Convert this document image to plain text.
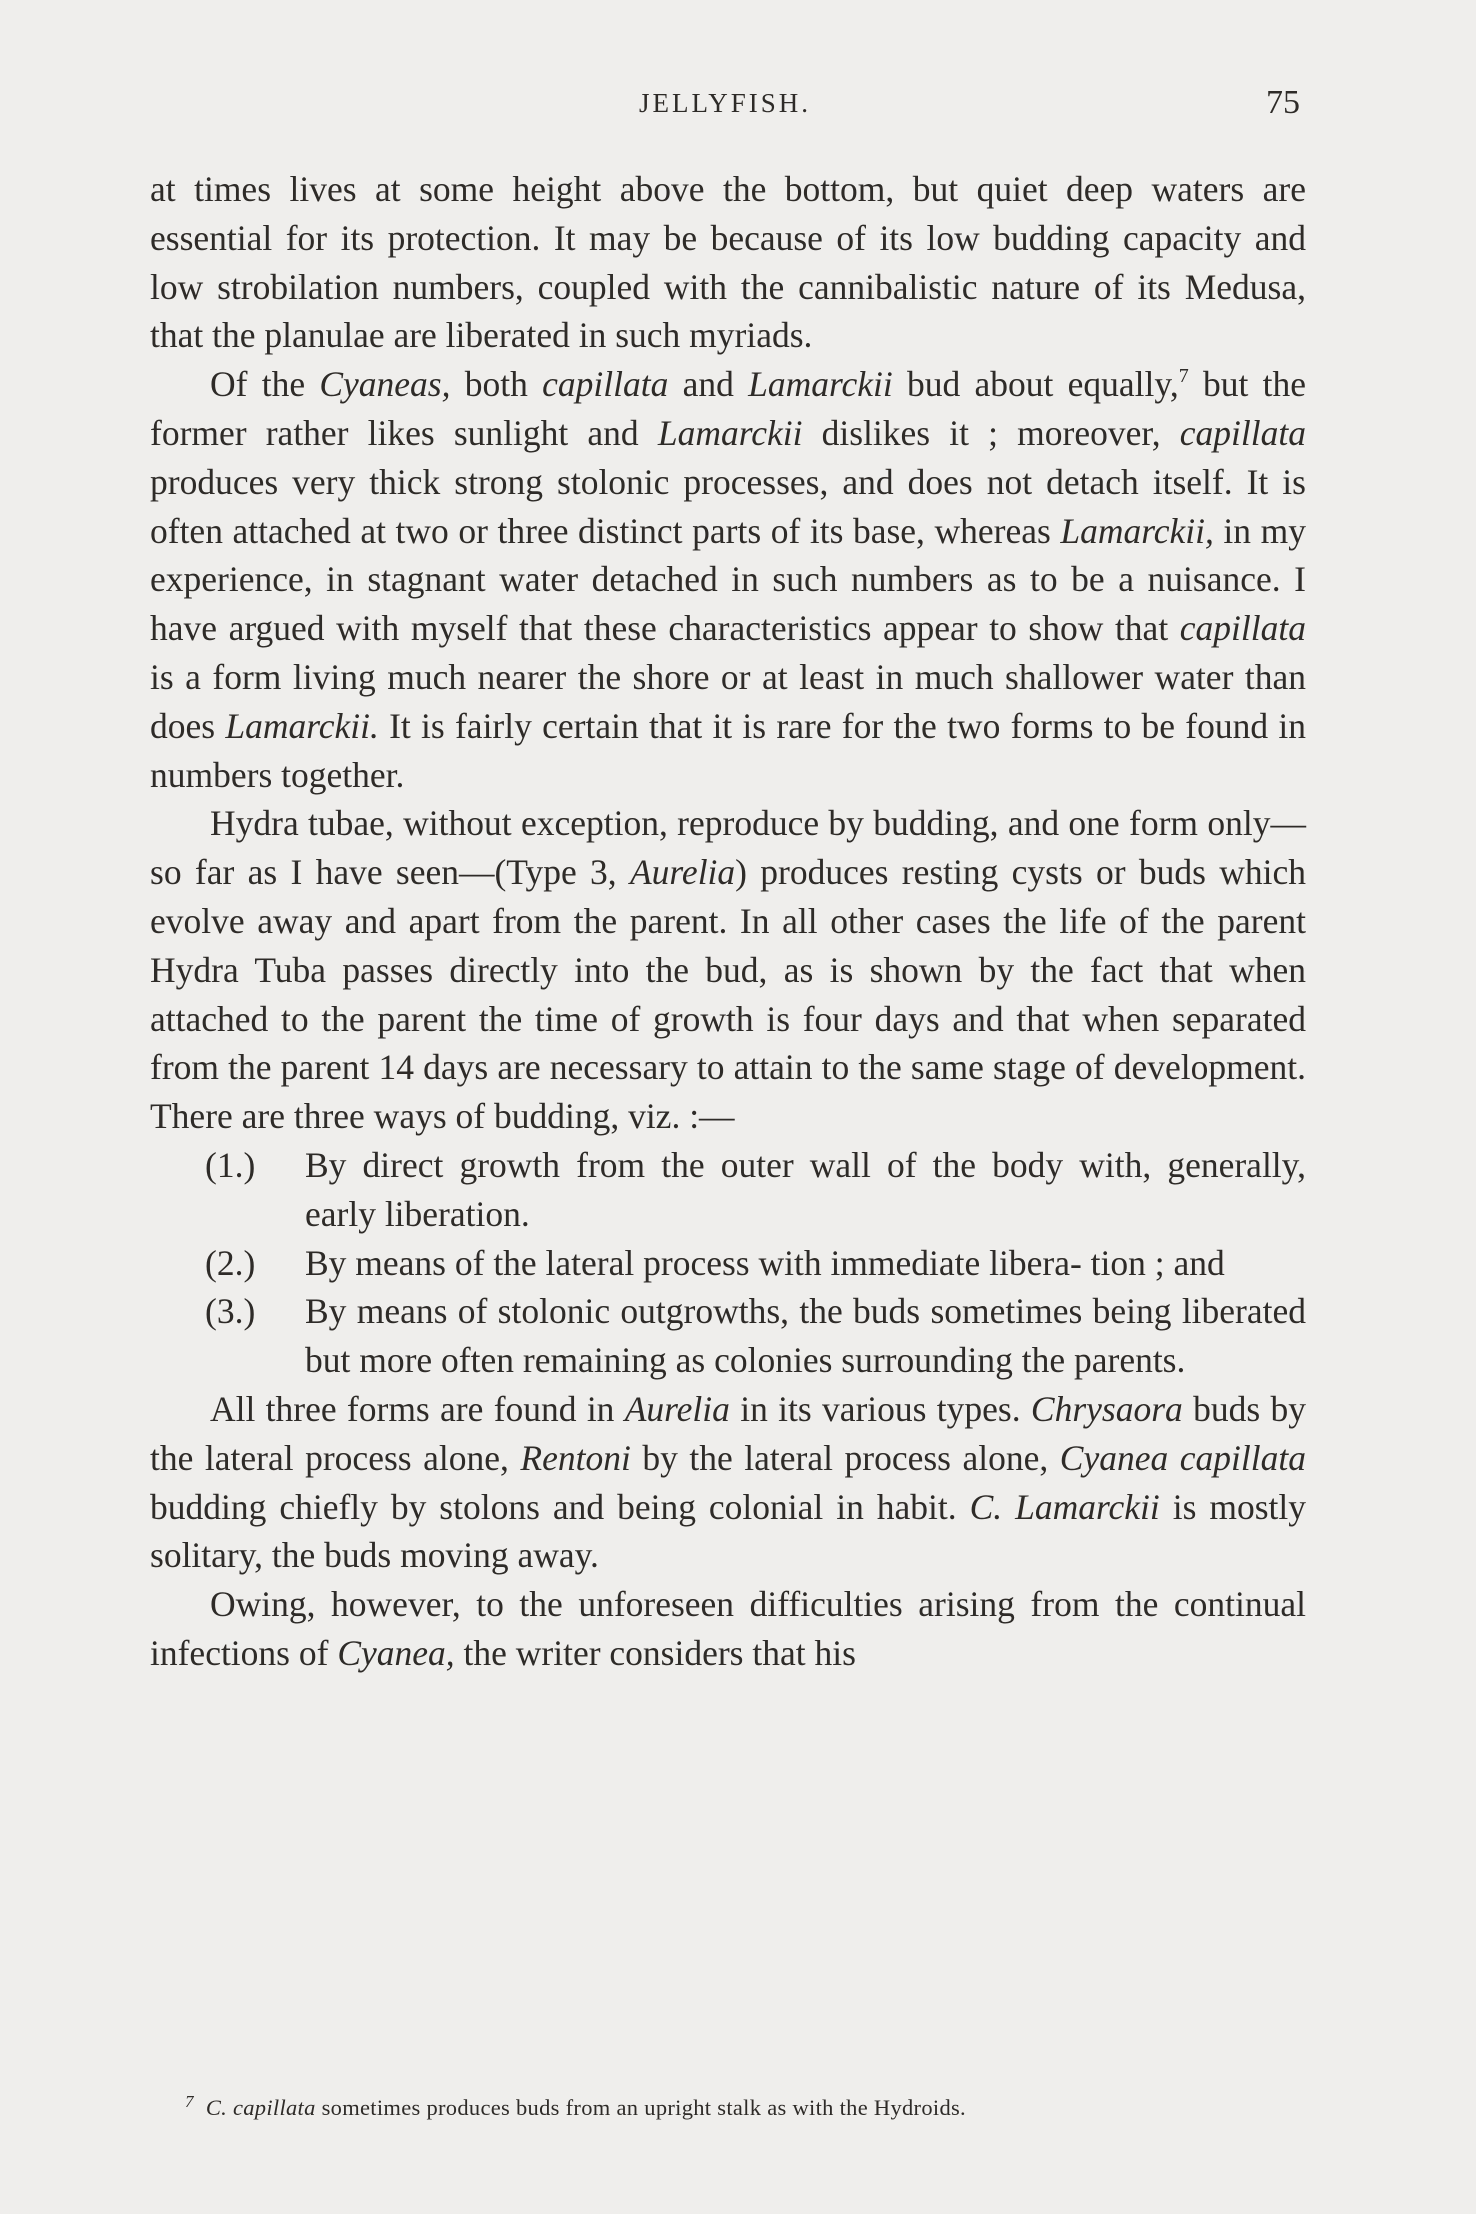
JELLYFISH.	75

at times lives at some height above the bottom, but quiet deep waters are essential for its protection. It may be because of its low budding capacity and low strobilation numbers, coupled with the cannibalistic nature of its Medusa, that the planulae are liberated in such myriads.

Of the Cyaneas, both capillata and Lamarckii bud about equally,$^7$ but the former rather likes sunlight and Lamarckii dislikes it ; moreover, capillata produces very thick strong stolonic processes, and does not detach itself. It is often attached at two or three distinct parts of its base, whereas Lamarckii, in my experience, in stagnant water detached in such numbers as to be a nuisance. I have argued with myself that these characteristics appear to show that capillata is a form living much nearer the shore or at least in much shallower water than does Lamarckii. It is fairly certain that it is rare for the two forms to be found in numbers together.

Hydra tubae, without exception, reproduce by budding, and one form only—so far as I have seen—(Type 3, Aurelia) produces resting cysts or buds which evolve away and apart from the parent. In all other cases the life of the parent Hydra Tuba passes directly into the bud, as is shown by the fact that when attached to the parent the time of growth is four days and that when separated from the parent 14 days are necessary to attain to the same stage of development. There are three ways of budding, viz. :—

(1.) By direct growth from the outer wall of the body with, generally, early liberation.
(2.) By means of the lateral process with immediate libera- tion ; and
(3.) By means of stolonic outgrowths, the buds sometimes being liberated but more often remaining as colonies surrounding the parents.

All three forms are found in Aurelia in its various types. Chrysaora buds by the lateral process alone, Rentoni by the lateral process alone, Cyanea capillata budding chiefly by stolons and being colonial in habit. C. Lamarckii is mostly solitary, the buds moving away.

Owing, however, to the unforeseen difficulties arising from the continual infections of Cyanea, the writer considers that his

$^7$ C. capillata sometimes produces buds from an upright stalk as with the Hydroids.
